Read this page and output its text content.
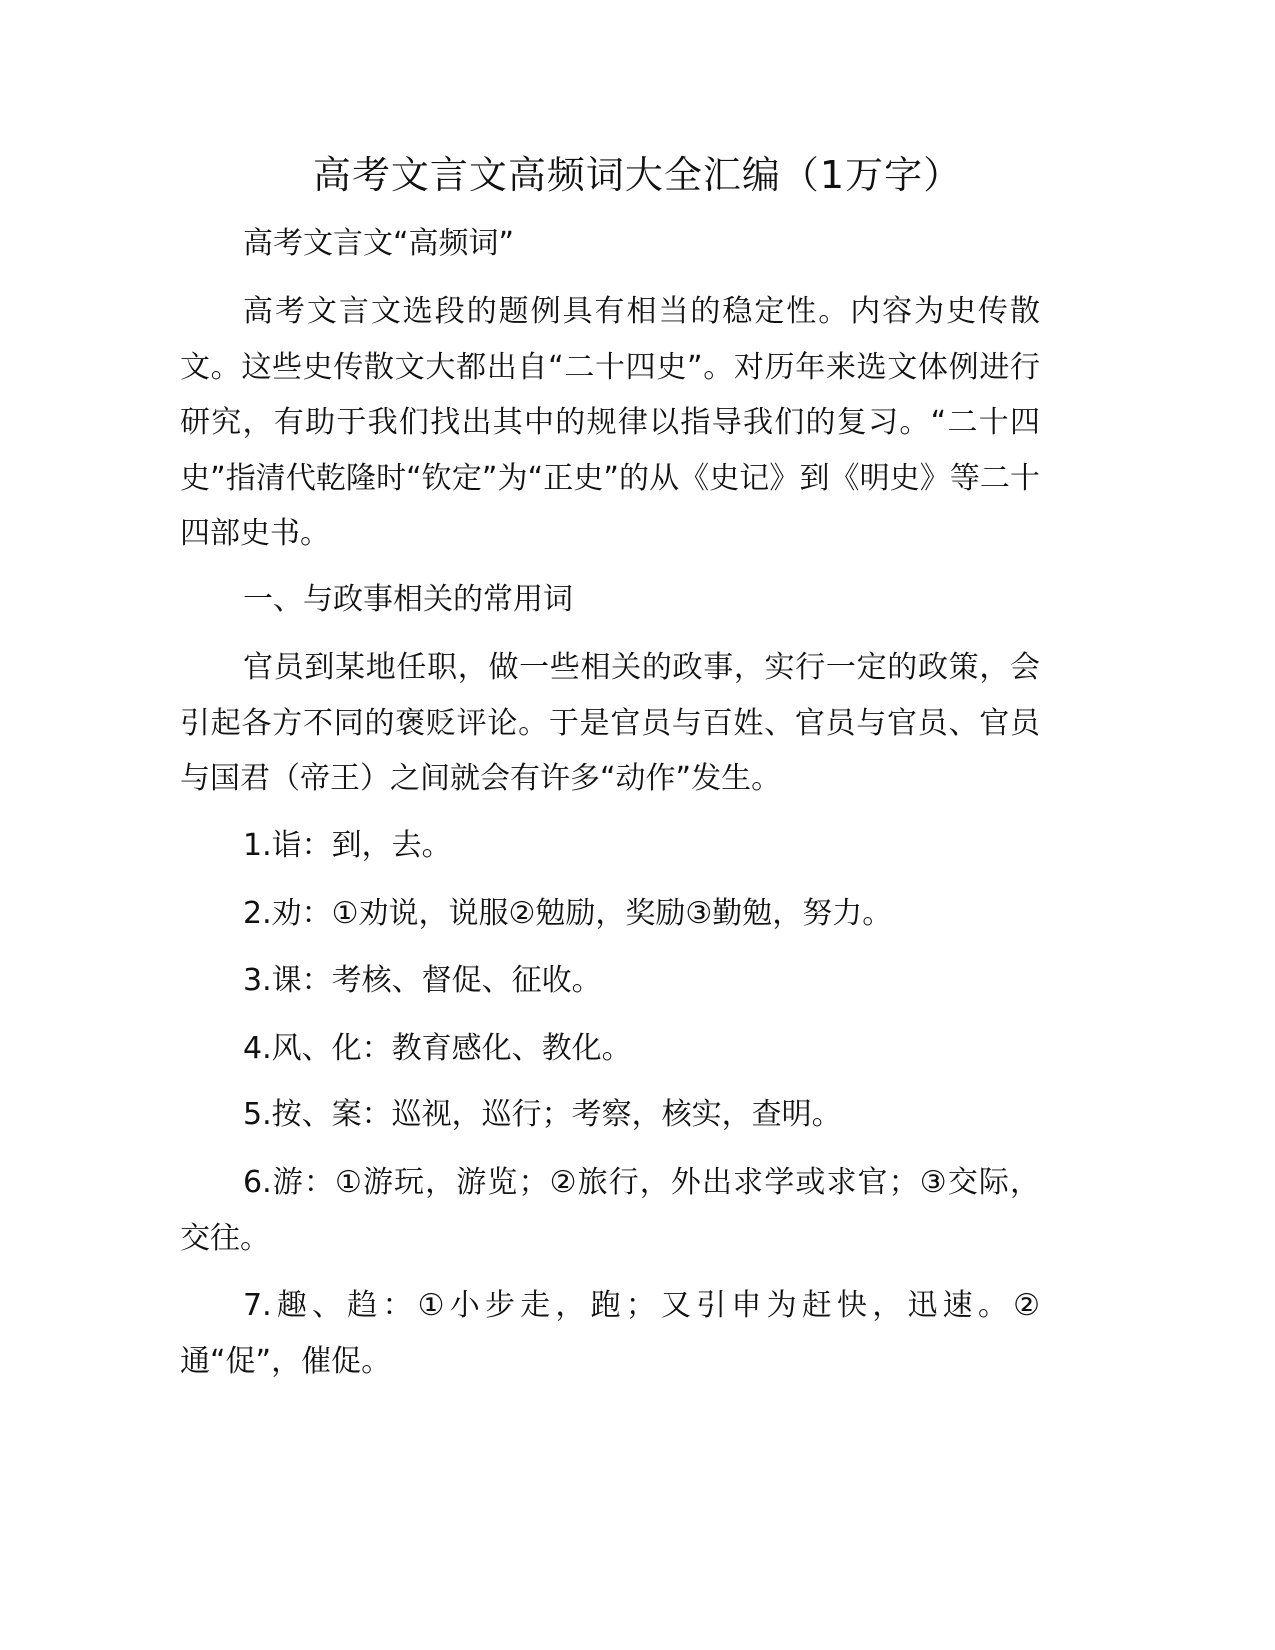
高考文言文高频词大全汇编（1万字）

高考文言文“高频词”

高考文言文选段的题例具有相当的稳定性。内容为史传散文。这些史传散文大都出自“二十四史”。对历年来选文体例进行研究，有助于我们找出其中的规律以指导我们的复习。“二十四史”指清代乾隆时“钦定”为“正史”的从《史记》到《明史》等二十四部史书。

一、与政事相关的常用词

官员到某地任职，做一些相关的政事，实行一定的政策，会引起各方不同的褒贬评论。于是官员与百姓、官员与官员、官员与国君（帝王）之间就会有许多“动作”发生。

1.诣：到，去。

2.劝：①劝说，说服②勉励，奖励③勤勉，努力。

3.课：考核、督促、征收。

4.风、化：教育感化、教化。

5.按、案：巡视，巡行；考察，核实，查明。

6.游：①游玩，游览；②旅行，外出求学或求官；③交际，交往。

7.趣、趋：①小步走，跑；又引申为赶快，迅速。②通“促”，催促。
